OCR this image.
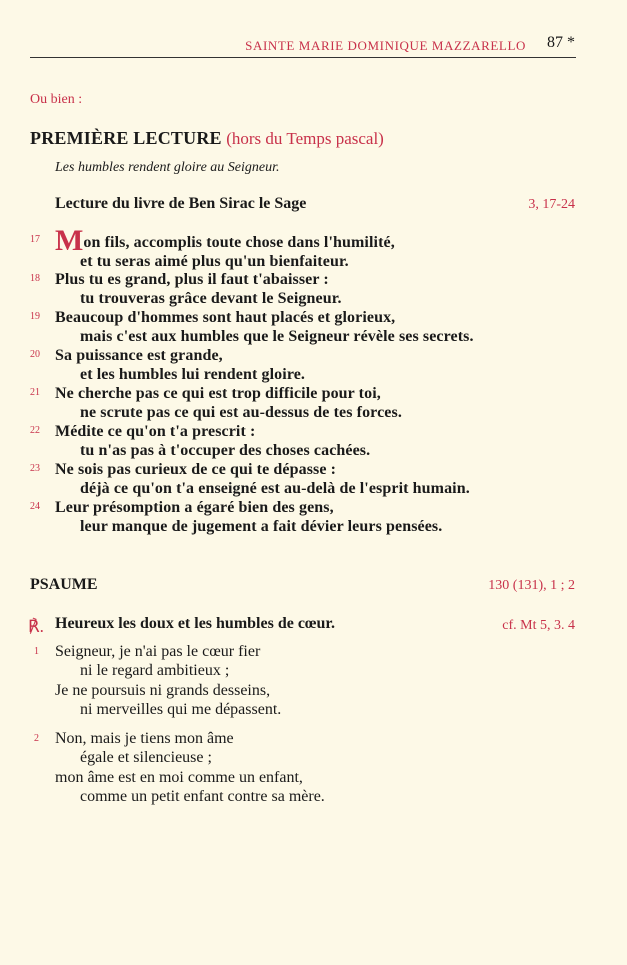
SAINTE MARIE DOMINIQUE MAZZARELLO 87 *
Ou bien :
PREMIÈRE LECTURE (hors du Temps pascal)
Les humbles rendent gloire au Seigneur.
Lecture du livre de Ben Sirac le Sage	3, 17-24
17 Mon fils, accomplis toute chose dans l'humilité,
et tu seras aimé plus qu'un bienfaiteur.
18 Plus tu es grand, plus il faut t'abaisser :
tu trouveras grâce devant le Seigneur.
19 Beaucoup d'hommes sont haut placés et glorieux,
mais c'est aux humbles que le Seigneur révèle ses secrets.
20 Sa puissance est grande,
et les humbles lui rendent gloire.
21 Ne cherche pas ce qui est trop difficile pour toi,
ne scrute pas ce qui est au-dessus de tes forces.
22 Médite ce qu'on t'a prescrit :
tu n'as pas à t'occuper des choses cachées.
23 Ne sois pas curieux de ce qui te dépasse :
déjà ce qu'on t'a enseigné est au-delà de l'esprit humain.
24 Leur présomption a égaré bien des gens,
leur manque de jugement a fait dévier leurs pensées.
PSAUME	130 (131), 1 ; 2
℟. Heureux les doux et les humbles de cœur.	cf. Mt 5, 3. 4
1 Seigneur, je n'ai pas le cœur fier
ni le regard ambitieux ;
Je ne poursuis ni grands desseins,
ni merveilles qui me dépassent.
2 Non, mais je tiens mon âme
égale et silencieuse ;
mon âme est en moi comme un enfant,
comme un petit enfant contre sa mère.
